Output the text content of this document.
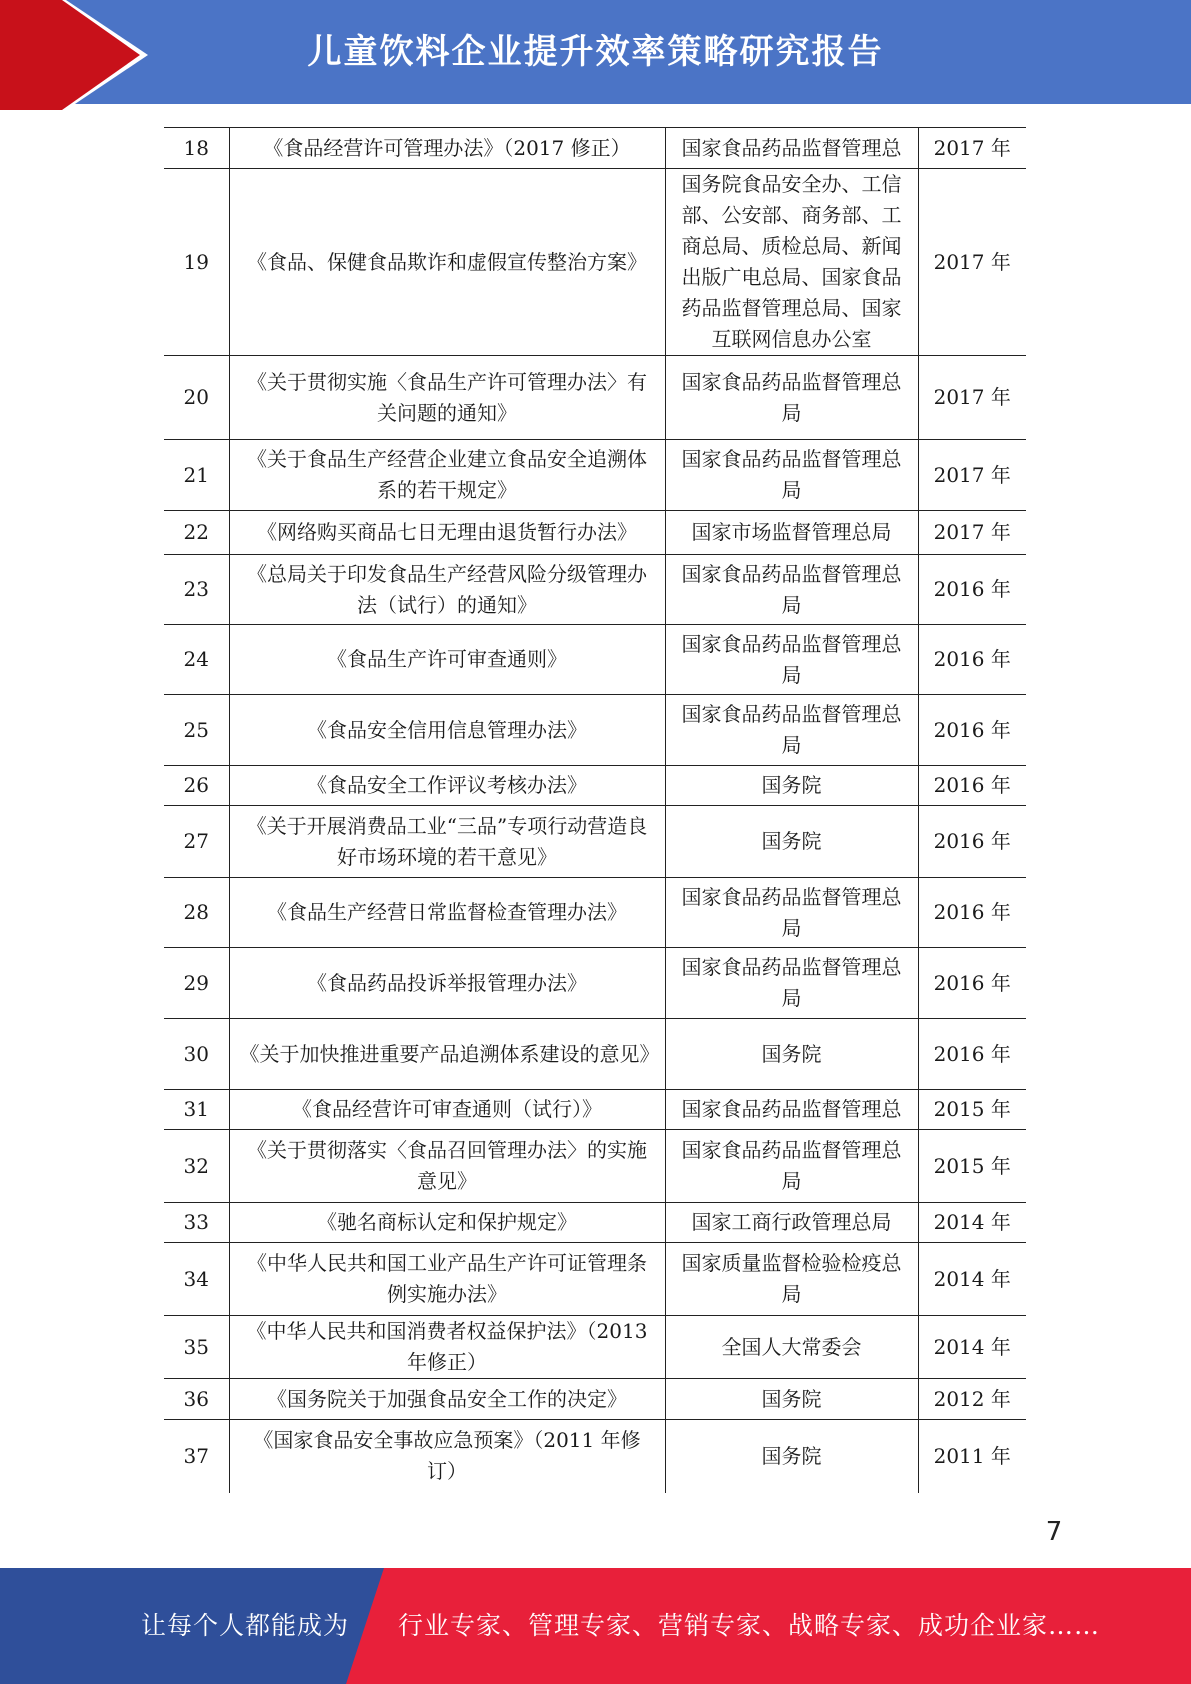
儿童饮料企业提升效率策略研究报告
18	《食品经营许可管理办法》（2017 修正）	国家食品药品监督管理总	2017 年
19	《食品、保健食品欺诈和虚假宣传整治方案》	国务院食品安全办、工信部、公安部、商务部、工商总局、质检总局、新闻出版广电总局、国家食品药品监督管理总局、国家互联网信息办公室	2017 年
20	《关于贯彻实施〈食品生产许可管理办法〉有关问题的通知》	国家食品药品监督管理总局	2017 年
21	《关于食品生产经营企业建立食品安全追溯体系的若干规定》	国家食品药品监督管理总局	2017 年
22	《网络购买商品七日无理由退货暂行办法》	国家市场监督管理总局	2017 年
23	《总局关于印发食品生产经营风险分级管理办法（试行）的通知》	国家食品药品监督管理总局	2016 年
24	《食品生产许可审查通则》	国家食品药品监督管理总局	2016 年
25	《食品安全信用信息管理办法》	国家食品药品监督管理总局	2016 年
26	《食品安全工作评议考核办法》	国务院	2016 年
27	《关于开展消费品工业“三品”专项行动营造良好市场环境的若干意见》	国务院	2016 年
28	《食品生产经营日常监督检查管理办法》	国家食品药品监督管理总局	2016 年
29	《食品药品投诉举报管理办法》	国家食品药品监督管理总局	2016 年
30	《关于加快推进重要产品追溯体系建设的意见》	国务院	2016 年
31	《食品经营许可审查通则（试行）》	国家食品药品监督管理总	2015 年
32	《关于贯彻落实〈食品召回管理办法〉的实施意见》	国家食品药品监督管理总局	2015 年
33	《驰名商标认定和保护规定》	国家工商行政管理总局	2014 年
34	《中华人民共和国工业产品生产许可证管理条例实施办法》	国家质量监督检验检疫总局	2014 年
35	《中华人民共和国消费者权益保护法》（2013 年修正）	全国人大常委会	2014 年
36	《国务院关于加强食品安全工作的决定》	国务院	2012 年
37	《国家食品安全事故应急预案》（2011 年修订）	国务院	2011 年
7
让每个人都能成为 行业专家、管理专家、营销专家、战略专家、成功企业家……
